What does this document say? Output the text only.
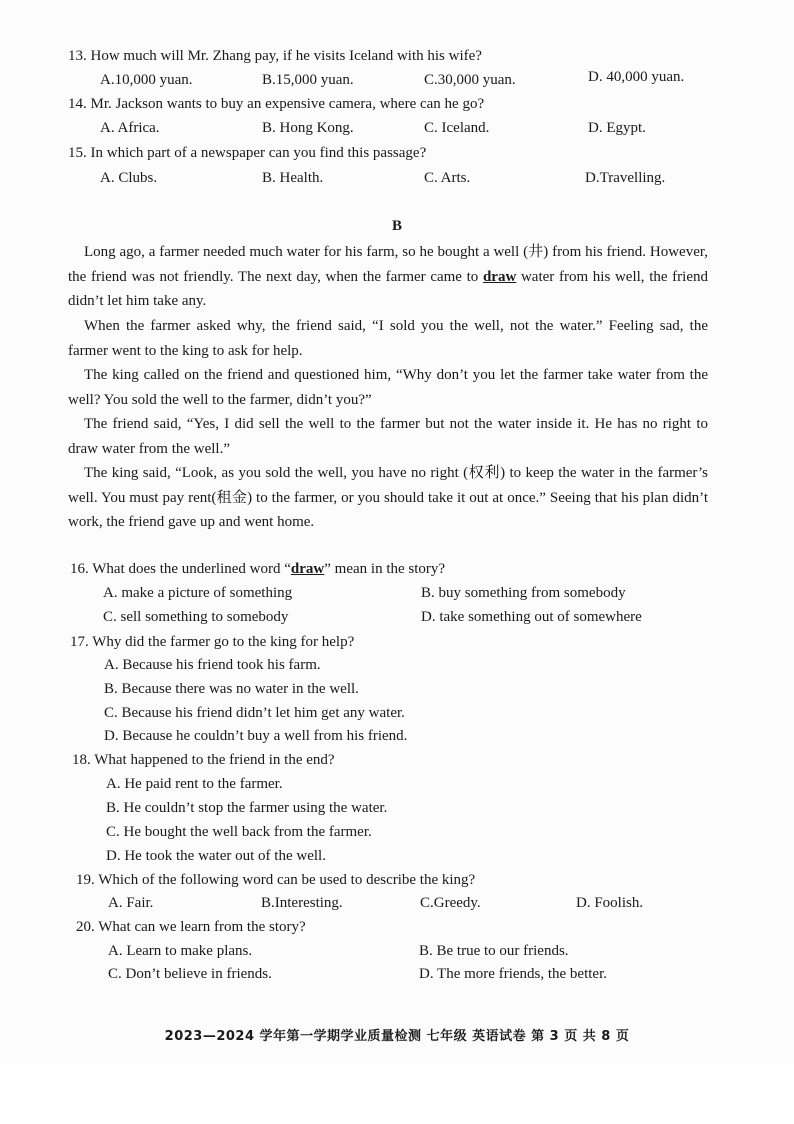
13. How much will Mr. Zhang pay, if he visits Iceland with his wife?
A.10,000 yuan.	B.15,000 yuan.	C.30,000 yuan.	D. 40,000 yuan.
14. Mr. Jackson wants to buy an expensive camera, where can he go?
A. Africa.	B. Hong Kong.	C. Iceland.	D. Egypt.
15. In which part of a newspaper can you find this passage?
A. Clubs.	B. Health.	C. Arts.	D.Travelling.
B
Long ago, a farmer needed much water for his farm, so he bought a well (井) from his friend. However, the friend was not friendly. The next day, when the farmer came to draw water from his well, the friend didn’t let him take any.
When the farmer asked why, the friend said, “I sold you the well, not the water.” Feeling sad, the farmer went to the king to ask for help.
The king called on the friend and questioned him, “Why don’t you let the farmer take water from the well? You sold the well to the farmer, didn’t you?”
The friend said, “Yes, I did sell the well to the farmer but not the water inside it. He has no right to draw water from the well.”
The king said, “Look, as you sold the well, you have no right (权利) to keep the water in the farmer’s well. You must pay rent(租金) to the farmer, or you should take it out at once.” Seeing that his plan didn’t work, the friend gave up and went home.
16. What does the underlined word “draw” mean in the story?
A. make a picture of something	B. buy something from somebody
C. sell something to somebody	D. take something out of somewhere
17. Why did the farmer go to the king for help?
A. Because his friend took his farm.
B. Because there was no water in the well.
C. Because his friend didn’t let him get any water.
D. Because he couldn’t buy a well from his friend.
18. What happened to the friend in the end?
A. He paid rent to the farmer.
B. He couldn’t stop the farmer using the water.
C. He bought the well back from the farmer.
D. He took the water out of the well.
19. Which of the following word can be used to describe the king?
A. Fair.	B.Interesting.	C.Greedy.	D. Foolish.
20. What can we learn from the story?
A. Learn to make plans.	B. Be true to our friends.
C. Don’t believe in friends.	D. The more friends, the better.
2023—2024 学年第一学期学业质量检测 七年级 英语试卷 第 3 页 共 8 页
